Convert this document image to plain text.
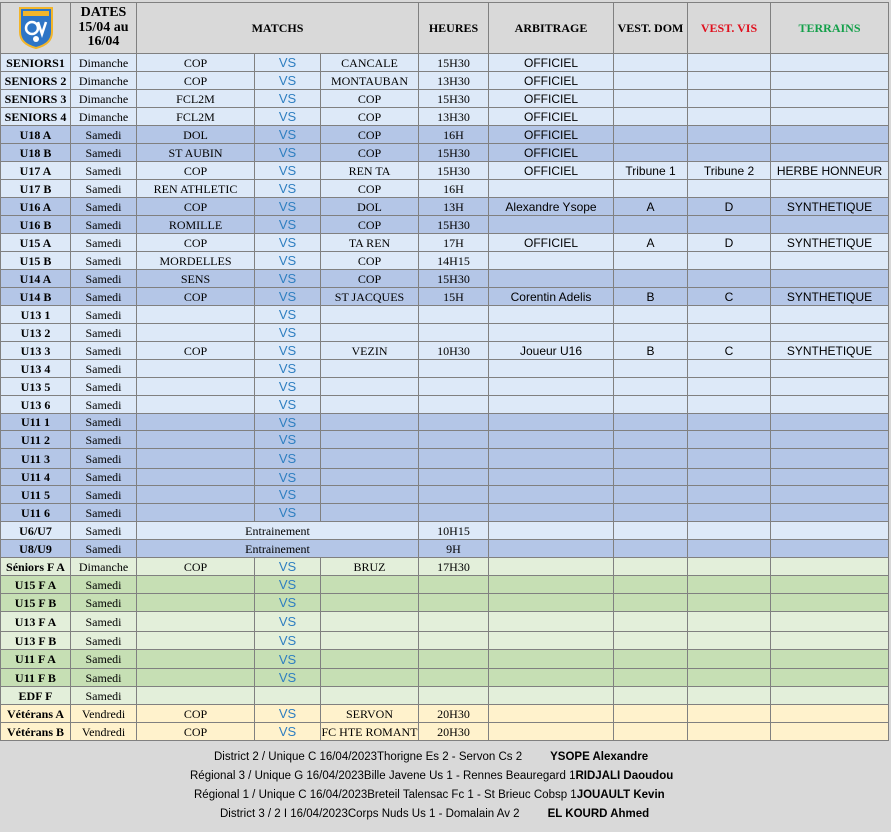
	DATES 15/04 au 16/04	MATCHS			HEURES	ARBITRAGE	VEST. DOM	VEST. VIS	TERRAINS
SENIORS1	Dimanche	COP	VS	CANCALE	15H30	OFFICIEL			
SENIORS 2	Dimanche	COP	VS	MONTAUBAN	13H30	OFFICIEL			
SENIORS 3	Dimanche	FCL2M	VS	COP	15H30	OFFICIEL			
SENIORS 4	Dimanche	FCL2M	VS	COP	13H30	OFFICIEL			
U18 A	Samedi	DOL	VS	COP	16H	OFFICIEL			
U18 B	Samedi	ST AUBIN	VS	COP	15H30	OFFICIEL			
U17 A	Samedi	COP	VS	REN TA	15H30	OFFICIEL	Tribune 1	Tribune 2	HERBE HONNEUR
U17 B	Samedi	REN ATHLETIC	VS	COP	16H				
U16 A	Samedi	COP	VS	DOL	13H	Alexandre Ysope	A	D	SYNTHETIQUE
U16 B	Samedi	ROMILLE	VS	COP	15H30				
U15 A	Samedi	COP	VS	TA REN	17H	OFFICIEL	A	D	SYNTHETIQUE
U15 B	Samedi	MORDELLES	VS	COP	14H15				
U14 A	Samedi	SENS	VS	COP	15H30				
U14 B	Samedi	COP	VS	ST JACQUES	15H	Corentin Adelis	B	C	SYNTHETIQUE
U13 1	Samedi		VS						
U13 2	Samedi		VS						
U13 3	Samedi	COP	VS	VEZIN	10H30	Joueur U16	B	C	SYNTHETIQUE
U13 4	Samedi		VS						
U13 5	Samedi		VS						
U13 6	Samedi		VS						
U11 1	Samedi		VS						
U11 2	Samedi		VS						
U11 3	Samedi		VS						
U11 4	Samedi		VS						
U11 5	Samedi		VS						
U11 6	Samedi		VS						
U6/U7	Samedi	Entrainement			10H15				
U8/U9	Samedi	Entrainement			9H				
Séniors F A	Dimanche	COP	VS	BRUZ	17H30				
U15 F A	Samedi		VS						
U15 F B	Samedi		VS						
U13 F A	Samedi		VS						
U13 F B	Samedi		VS						
U11 F A	Samedi		VS						
U11 F B	Samedi		VS						
EDF F	Samedi								
Vétérans A	Vendredi	COP	VS	SERVON	20H30				
Vétérans B	Vendredi	COP	VS	FC HTE ROMANT	20H30				
District 2 / Unique C 16/04/2023Thorigne Es 2 - Servon Cs 2 YSOPE Alexandre
Régional 3 / Unique G 16/04/2023Bille Javene Us 1 - Rennes Beauregard 1RIDJALI Daoudou
Régional 1 / Unique C 16/04/2023Breteil Talensac Fc 1 - St Brieuc Cobsp 1JOUAULT Kevin
District 3 / 2 I 16/04/2023Corps Nuds Us 1 - Domalain Av 2 EL KOURD Ahmed
